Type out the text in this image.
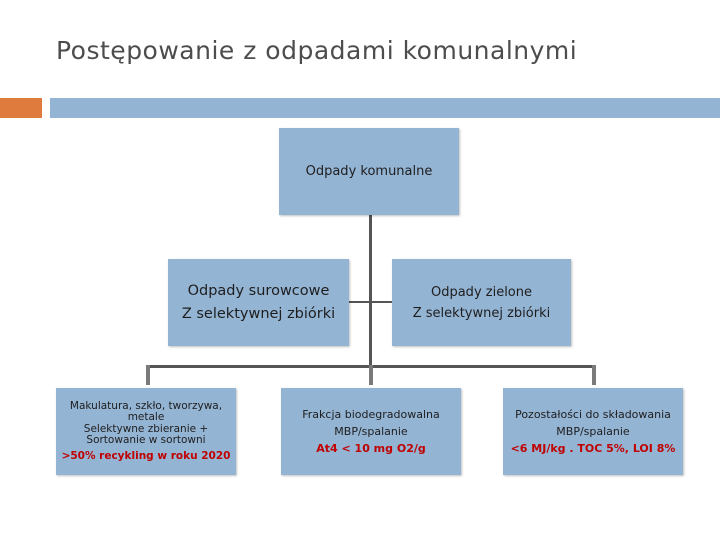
Postępowanie z odpadami komunalnymi
Odpady komunalne
Odpady surowcowe
Z selektywnej zbiórki
Odpady zielone
Z selektywnej zbiórki
Makulatura, szkło, tworzywa,
metale
Selektywne zbieranie +
Sortowanie w sortowni
>50% recykling w roku 2020
Frakcja biodegradowalna
MBP/spalanie
At4 < 10 mg O2/g
Pozostałości do składowania
MBP/spalanie
<6 MJ/kg . TOC 5%, LOI 8%
